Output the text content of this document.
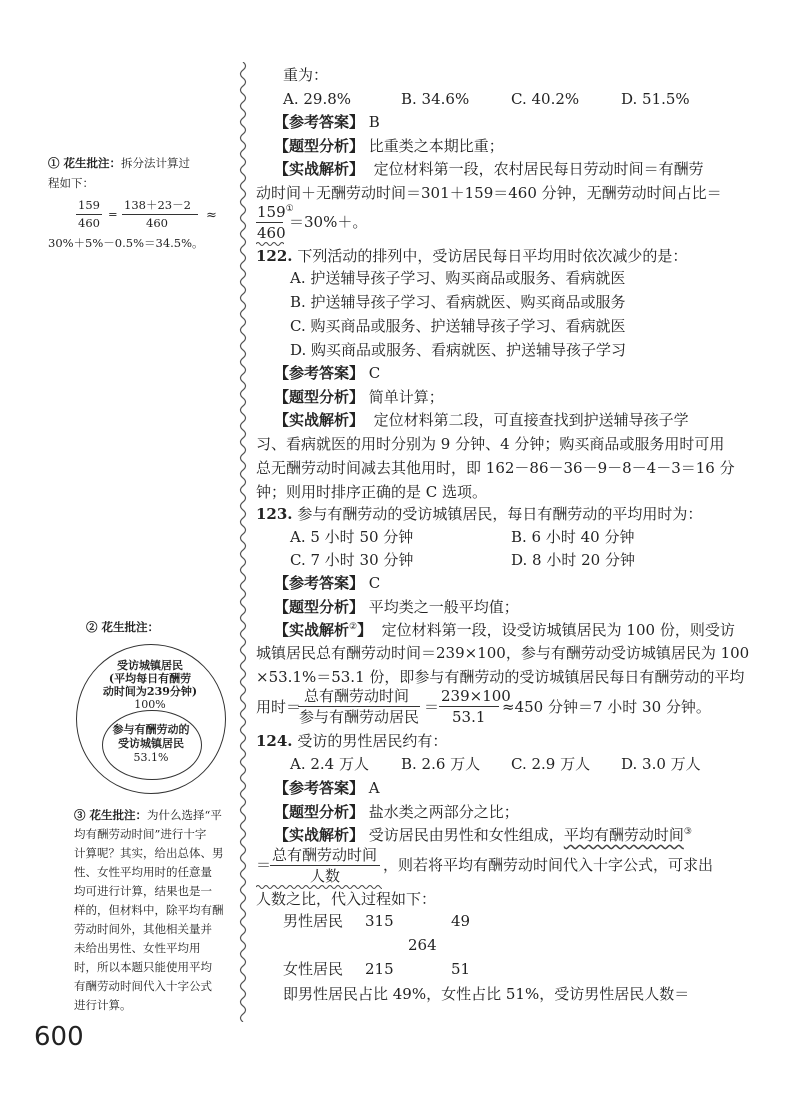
① 花生批注：拆分法计算过
程如下：
159
460
=
138＋23－2
460	≈
30%＋5%－0.5%＝34.5%。
② 花生批注：
受访城镇居民
(平均每日有酬劳
动时间为239分钟)
100%
参与有酬劳动的
受访城镇居民
53.1%
③ 花生批注：为什么选择“平
均有酬劳动时间”进行十字
计算呢？其实，给出总体、男
性、女性平均用时的任意量
均可进行计算，结果也是一
样的，但材料中，除平均有酬
劳动时间外，其他相关量并
未给出男性、女性平均用
时，所以本题只能使用平均
有酬劳动时间代入十字公式
进行计算。
重为：
A. 29.8%	B. 34.6%	C. 40.2%	D. 51.5%
【参考答案】 B
【题型分析】 比重类之本期比重；
【实战解析】 定位材料第一段，农村居民每日劳动时间＝有酬劳
动时间＋无酬劳动时间＝301＋159＝460 分钟，无酬劳动时间占比＝
159①
460
＝30%＋。
122. 下列活动的排列中，受访居民每日平均用时依次减少的是：
A. 护送辅导孩子学习、购买商品或服务、看病就医
B. 护送辅导孩子学习、看病就医、购买商品或服务
C. 购买商品或服务、护送辅导孩子学习、看病就医
D. 购买商品或服务、看病就医、护送辅导孩子学习
【参考答案】 C
【题型分析】 简单计算；
【实战解析】 定位材料第二段，可直接查找到护送辅导孩子学
习、看病就医的用时分别为 9 分钟、4 分钟；购买商品或服务用时可用
总无酬劳动时间减去其他用时，即 162－86－36－9－8－4－3＝16 分
钟；则用时排序正确的是 C 选项。
123. 参与有酬劳动的受访城镇居民，每日有酬劳动的平均用时为：
A. 5 小时 50 分钟	B. 6 小时 40 分钟
C. 7 小时 30 分钟	D. 8 小时 20 分钟
【参考答案】 C
【题型分析】 平均类之一般平均值；
【实战解析②】 定位材料第一段，设受访城镇居民为 100 份，则受访
城镇居民总有酬劳动时间＝239×100，参与有酬劳动受访城镇居民为 100
×53.1%＝53.1 份，即参与有酬劳动的受访城镇居民每日有酬劳动的平均
用时＝
总有酬劳动时间
参与有酬劳动居民
＝
239×100
53.1
≈450 分钟＝7 小时 30 分钟。
124. 受访的男性居民约有：
A. 2.4 万人 B. 2.6 万人 C. 2.9 万人 D. 3.0 万人
【参考答案】 A
【题型分析】 盐水类之两部分之比；
【实战解析】 受访居民由男性和女性组成，平均有酬劳动时间③
＝
总有酬劳动时间
人数
，则若将平均有酬劳动时间代入十字公式，可求出
人数之比，代入过程如下：
男性居民 315	49
264
女性居民 215	51
即男性居民占比 49%，女性占比 51%，受访男性居民人数＝
600
